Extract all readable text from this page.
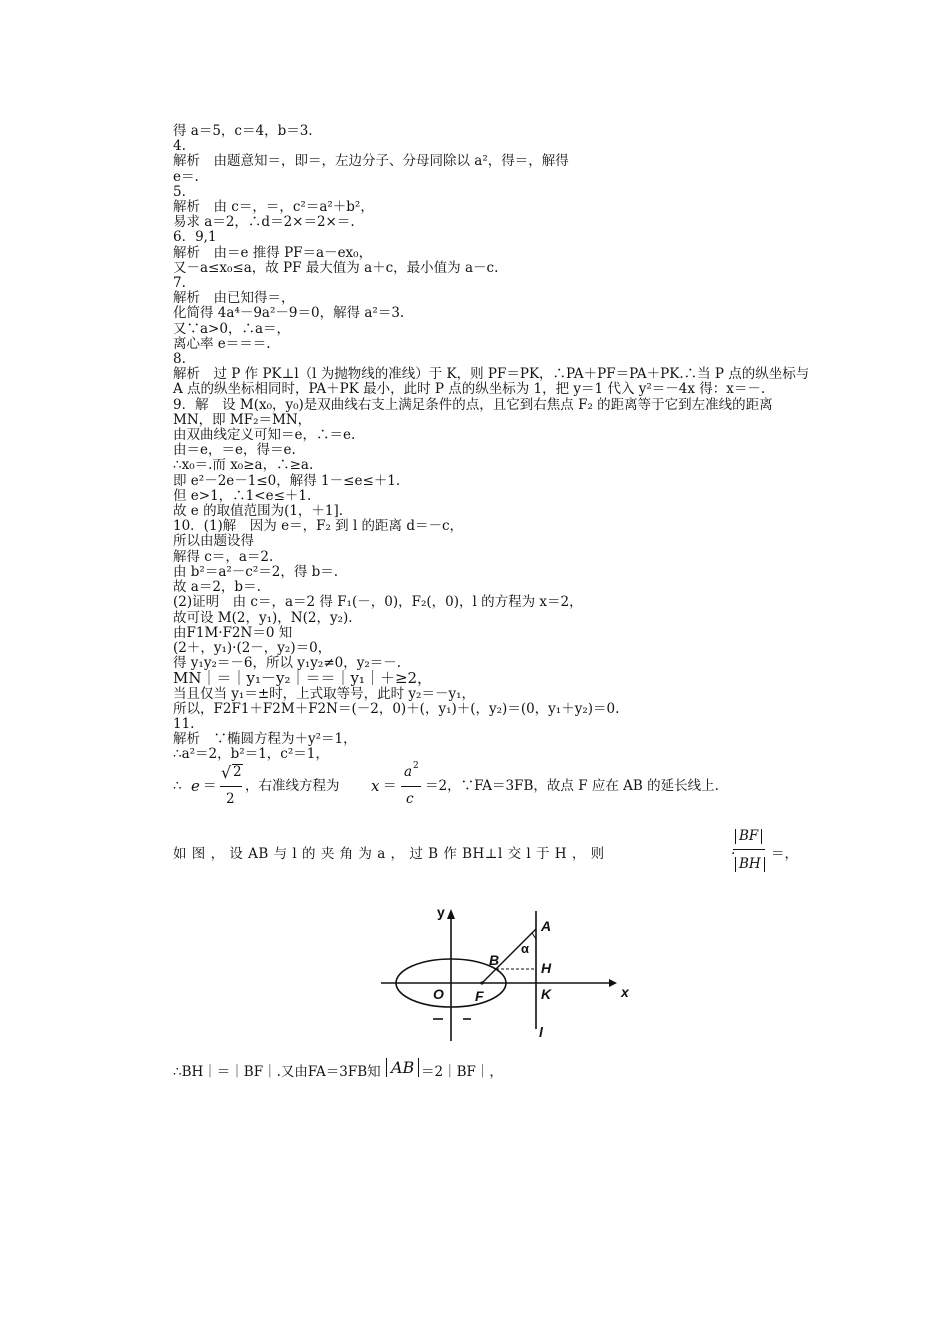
得 a＝5，c＝4，b＝3.
4.
解析　由题意知＝，即＝，左边分子、分母同除以 a²，得＝，解得
e＝.
5.
解析　由 c＝，＝，c²＝a²＋b²，
易求 a＝2，∴d＝2×＝2×＝.
6．9,1
解析　由＝e 推得 PF＝a－ex₀，
又－a≤x₀≤a，故 PF 最大值为 a＋c，最小值为 a－c.
7.
解析　由已知得＝，
化简得 4a⁴－9a²－9＝0，解得 a²＝3.
又∵a>0，∴a＝，
离心率 e＝＝＝.
8.
解析　过 P 作 PK⊥l（l 为抛物线的准线）于 K，则 PF＝PK，∴PA＋PF＝PA＋PK.∴当 P 点的纵坐标与 A 点的纵坐标相同时，PA＋PK 最小，此时 P 点的纵坐标为 1，把 y＝1 代入 y²＝－4x 得：x＝－.
9．解　设 M(x₀，y₀)是双曲线右支上满足条件的点，且它到右焦点 F₂ 的距离等于它到左准线的距离 MN，即 MF₂＝MN，
由双曲线定义可知＝e，∴＝e.
由＝e，＝e，得＝e.
∴x₀＝.而 x₀≥a，∴≥a.
即 e²－2e－1≤0，解得 1－≤e≤＋1.
但 e>1，∴1<e≤＋1.
故 e 的取值范围为(1，＋1].
10．(1)解　因为 e＝，F₂ 到 l 的距离 d＝－c，
所以由题设得
解得 c＝，a＝2.
由 b²＝a²－c²＝2，得 b＝.
故 a＝2，b＝.
(2)证明　由 c＝，a＝2 得 F₁(－，0)，F₂(，0)，l 的方程为 x＝2，
故可设 M(2，y₁)，N(2，y₂).
由F1M·F2N＝0 知
(2＋，y₁)·(2－，y₂)＝0，
得 y₁y₂＝－6，所以 y₁y₂≠0，y₂＝－.
MN｜＝｜y₁－y₂｜＝＝｜y₁｜＋≥2，
当且仅当 y₁＝±时，上式取等号，此时 y₂＝－y₁，
所以，F2F1＋F2M＋F2N＝(－2，0)＋(，y₁)＋(，y₂)＝(0，y₁＋y₂)＝0.
11.
解析　∵椭圆方程为＋y²＝1，
∴a²＝2，b²＝1，c²＝1，
∴ e ＝
√ 2
2
，右准线方程为 x ＝
a 2
c
＝2，∵FA＝3FB，故点 F 应在 AB 的延长线上.
如 图 ， 设 AB 与 l 的 夹 角 为 a ， 过 B 作 BH⊥l 交 l 于 H ， 则	·
BF
BH
＝，
y
x
A
α
B	H
O F	K
l
∴BH｜＝｜BF｜.又由FA＝3FB知 AB ＝2｜BF｜，
